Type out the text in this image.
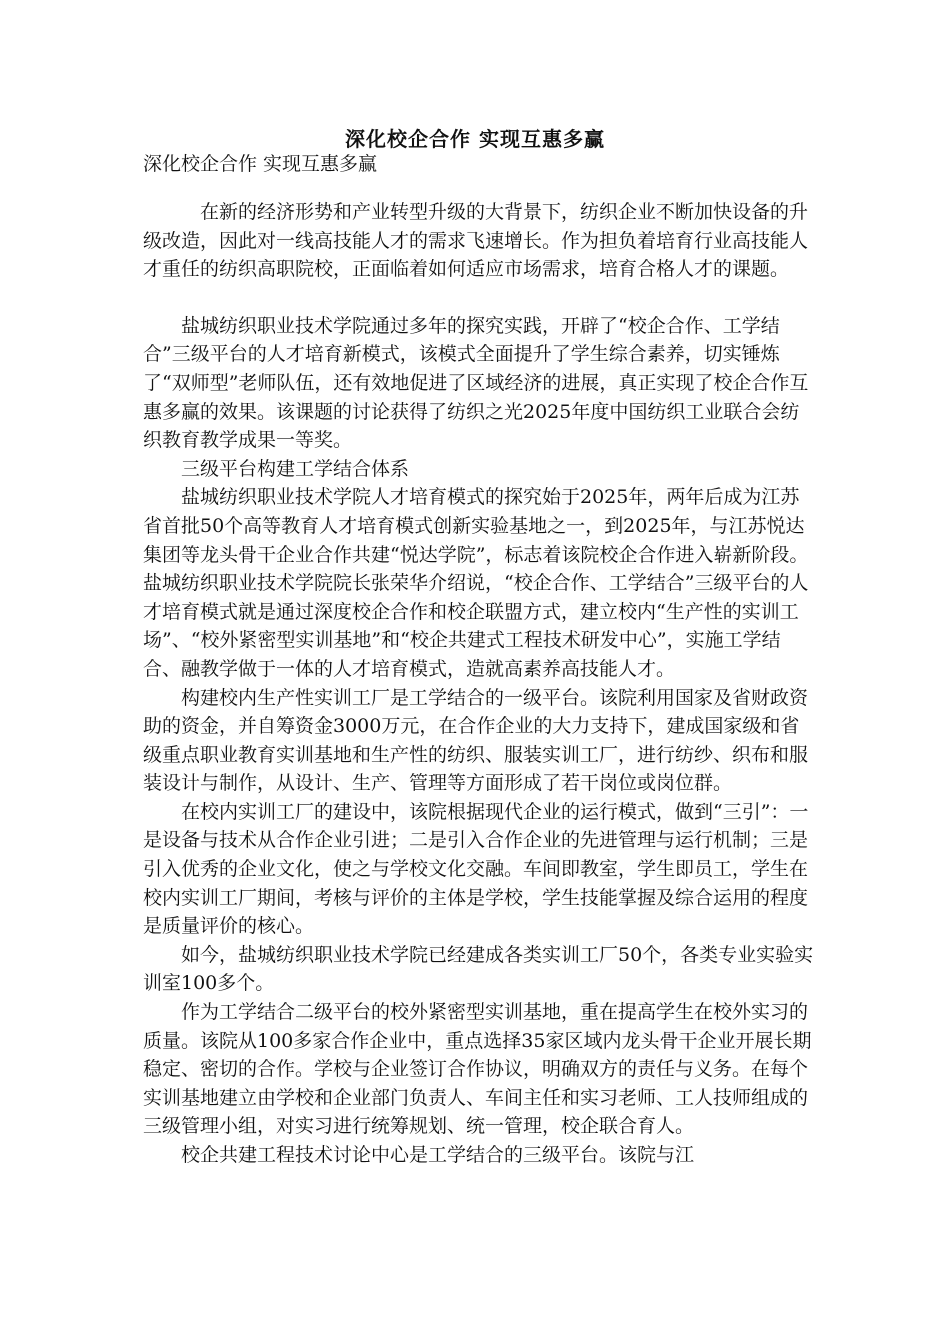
深化校企合作 实现互惠多赢
深化校企合作 实现互惠多赢

在新的经济形势和产业转型升级的大背景下，纺织企业不断加快设备的升级改造，因此对一线高技能人才的需求飞速增长。作为担负着培育行业高技能人才重任的纺织高职院校，正面临着如何适应市场需求，培育合格人才的课题。

盐城纺织职业技术学院通过多年的探究实践，开辟了“校企合作、工学结合”三级平台的人才培育新模式，该模式全面提升了学生综合素养，切实锤炼了“双师型”老师队伍，还有效地促进了区域经济的进展，真正实现了校企合作互惠多赢的效果。该课题的讨论获得了纺织之光2025年度中国纺织工业联合会纺织教育教学成果一等奖。

三级平台构建工学结合体系

盐城纺织职业技术学院人才培育模式的探究始于2025年，两年后成为江苏省首批50个高等教育人才培育模式创新实验基地之一，到2025年，与江苏悦达集团等龙头骨干企业合作共建“悦达学院”，标志着该院校企合作进入崭新阶段。盐城纺织职业技术学院院长张荣华介绍说，“校企合作、工学结合”三级平台的人才培育模式就是通过深度校企合作和校企联盟方式，建立校内“生产性的实训工场”、“校外紧密型实训基地”和“校企共建式工程技术研发中心”，实施工学结合、融教学做于一体的人才培育模式，造就高素养高技能人才。

构建校内生产性实训工厂是工学结合的一级平台。该院利用国家及省财政资助的资金，并自筹资金3000万元，在合作企业的大力支持下，建成国家级和省级重点职业教育实训基地和生产性的纺织、服装实训工厂，进行纺纱、织布和服装设计与制作，从设计、生产、管理等方面形成了若干岗位或岗位群。

在校内实训工厂的建设中，该院根据现代企业的运行模式，做到“三引”：一是设备与技术从合作企业引进；二是引入合作企业的先进管理与运行机制；三是引入优秀的企业文化，使之与学校文化交融。车间即教室，学生即员工，学生在校内实训工厂期间，考核与评价的主体是学校，学生技能掌握及综合运用的程度是质量评价的核心。

如今，盐城纺织职业技术学院已经建成各类实训工厂50个，各类专业实验实训室100多个。

作为工学结合二级平台的校外紧密型实训基地，重在提高学生在校外实习的质量。该院从100多家合作企业中，重点选择35家区域内龙头骨干企业开展长期稳定、密切的合作。学校与企业签订合作协议，明确双方的责任与义务。在每个实训基地建立由学校和企业部门负责人、车间主任和实习老师、工人技师组成的三级管理小组，对实习进行统筹规划、统一管理，校企联合育人。

校企共建工程技术讨论中心是工学结合的三级平台。该院与江
